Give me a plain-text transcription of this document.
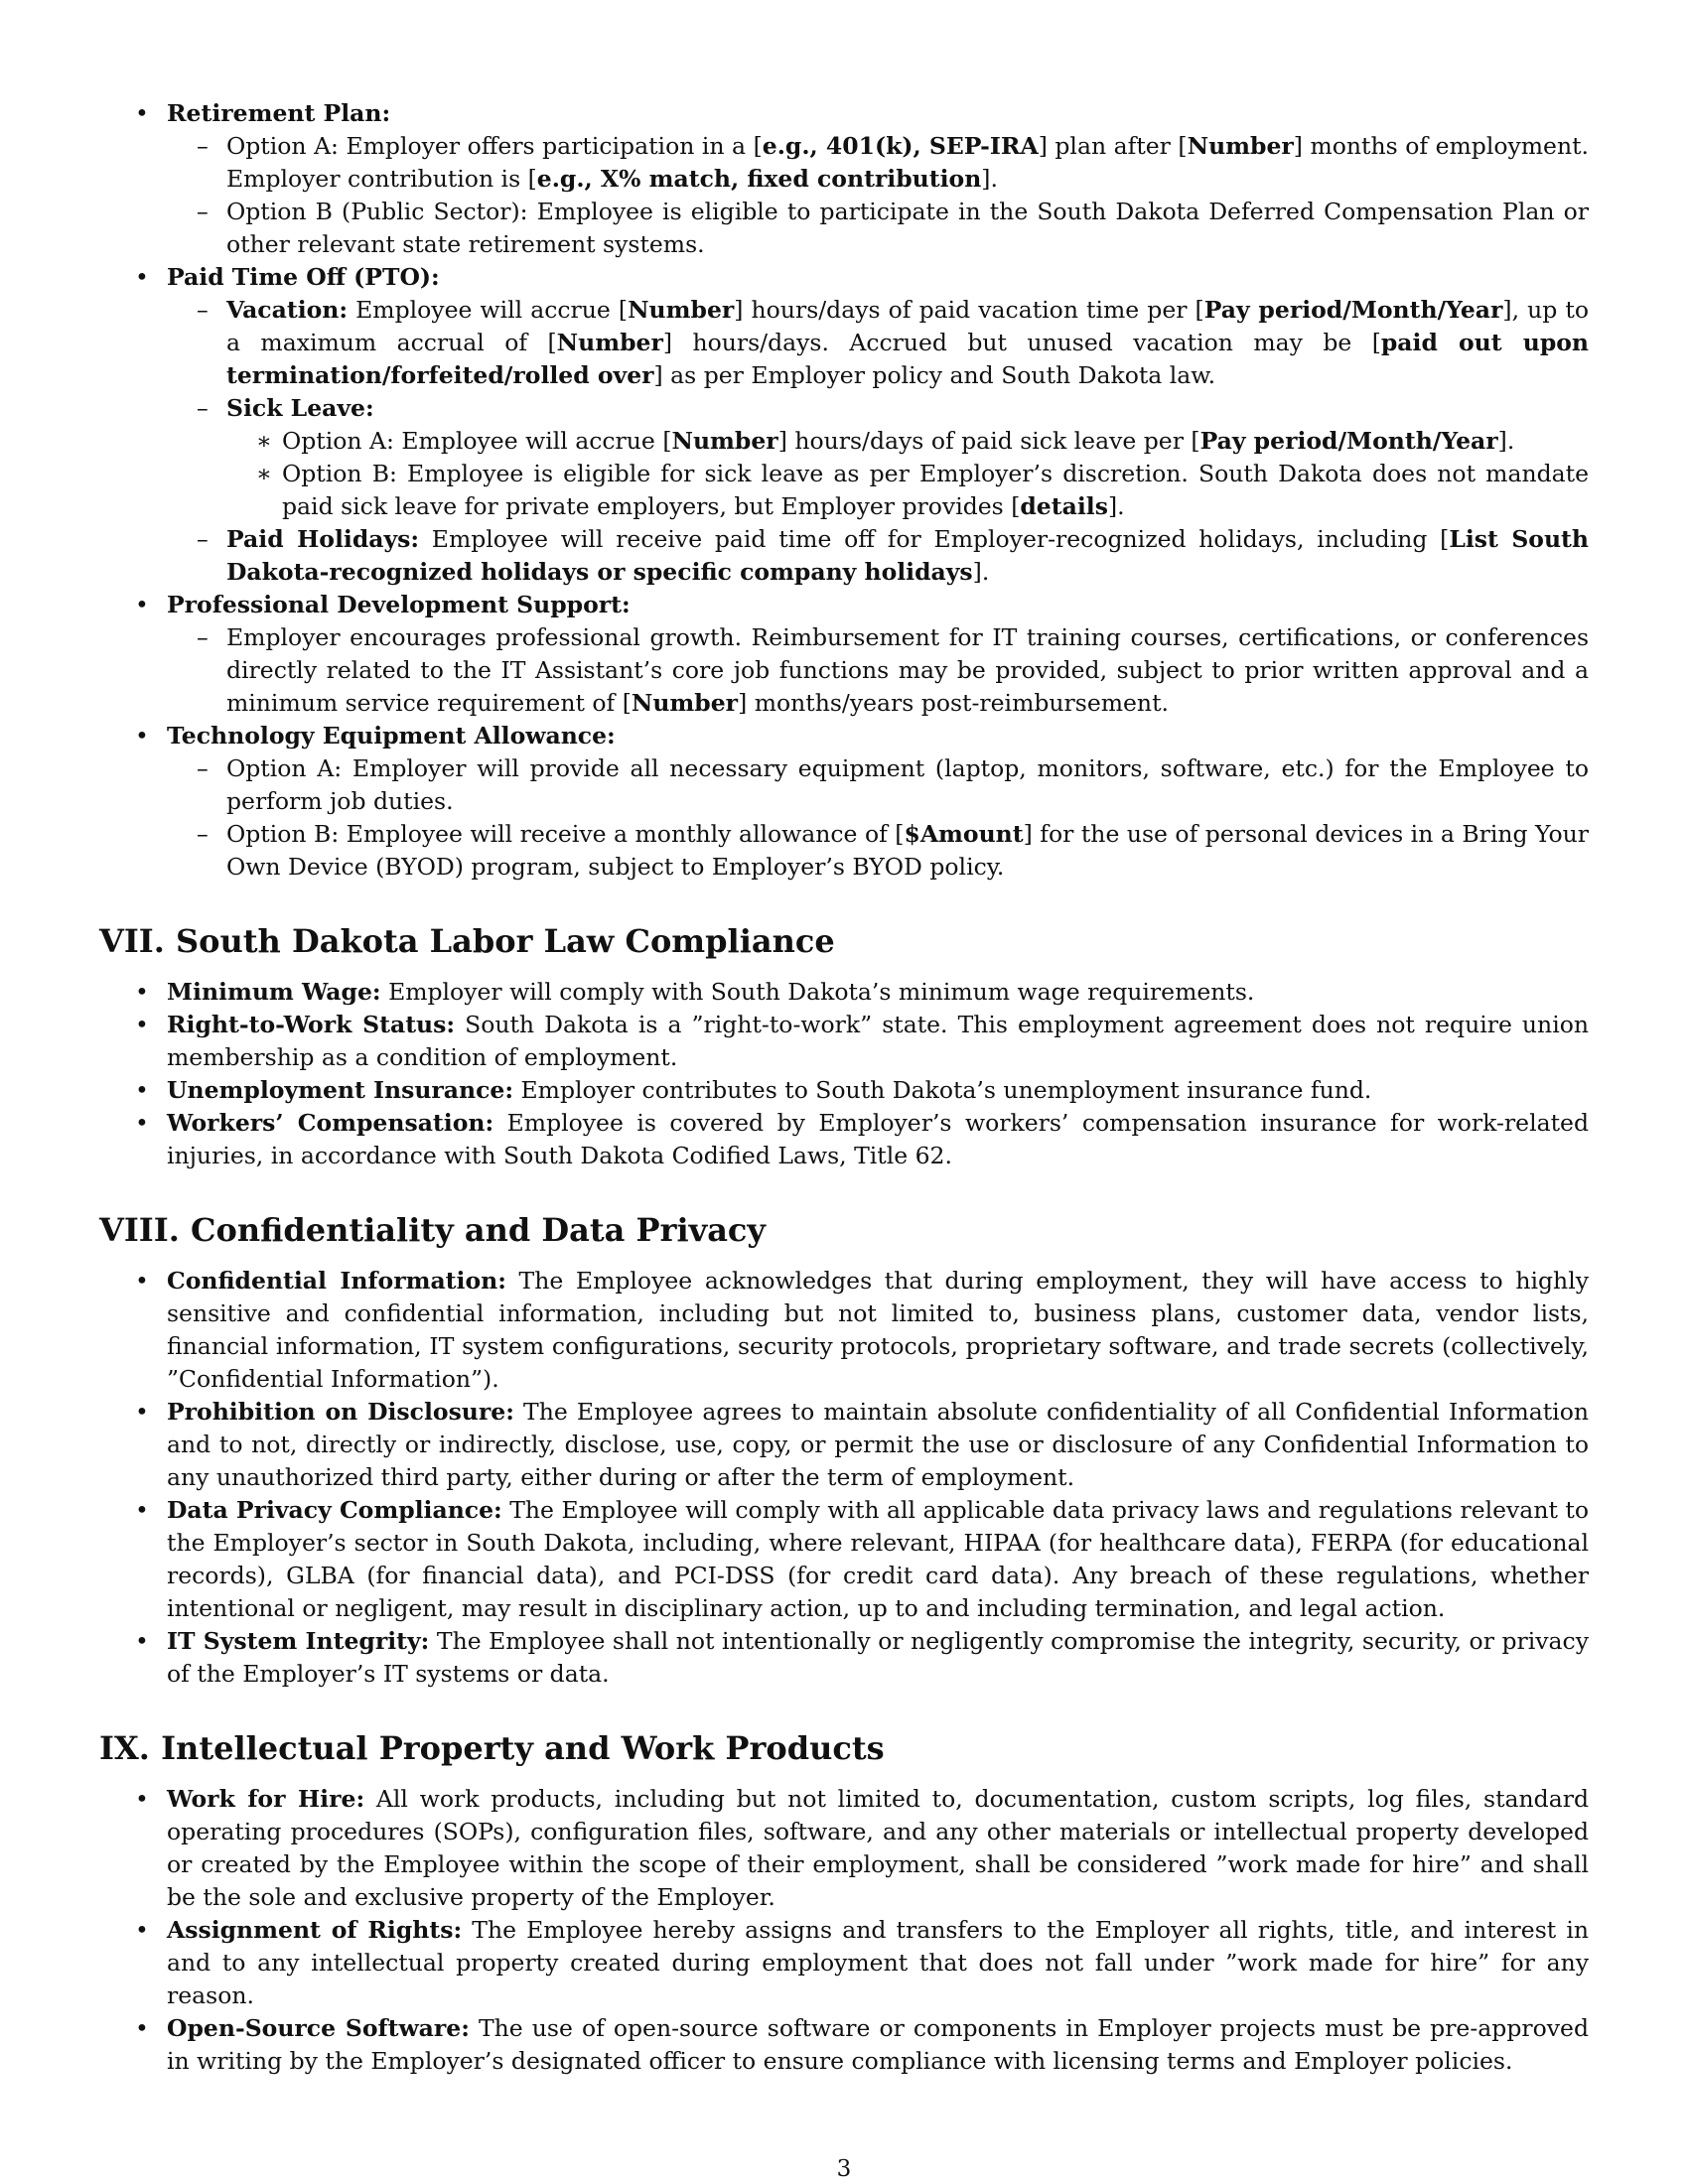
• Retirement Plan:
– Option A: Employer offers participation in a [e.g., 401(k), SEP-IRA] plan after [Number] months of employment. Employer contribution is [e.g., X% match, fixed contribution].
– Option B (Public Sector): Employee is eligible to participate in the South Dakota Deferred Compensation Plan or other relevant state retirement systems.
• Paid Time Off (PTO):
– Vacation: Employee will accrue [Number] hours/days of paid vacation time per [Pay period/Month/Year], up to a maximum accrual of [Number] hours/days. Accrued but unused vacation may be [paid out upon termination/forfeited/rolled over] as per Employer policy and South Dakota law.
– Sick Leave:
∗ Option A: Employee will accrue [Number] hours/days of paid sick leave per [Pay period/Month/Year].
∗ Option B: Employee is eligible for sick leave as per Employer’s discretion. South Dakota does not mandate paid sick leave for private employers, but Employer provides [details].
– Paid Holidays: Employee will receive paid time off for Employer-recognized holidays, including [List South Dakota-recognized holidays or specific company holidays].
• Professional Development Support:
– Employer encourages professional growth. Reimbursement for IT training courses, certifications, or conferences directly related to the IT Assistant’s core job functions may be provided, subject to prior written approval and a minimum service requirement of [Number] months/years post-reimbursement.
• Technology Equipment Allowance:
– Option A: Employer will provide all necessary equipment (laptop, monitors, software, etc.) for the Employee to perform job duties.
– Option B: Employee will receive a monthly allowance of [$Amount] for the use of personal devices in a Bring Your Own Device (BYOD) program, subject to Employer’s BYOD policy.
VII. South Dakota Labor Law Compliance
• Minimum Wage: Employer will comply with South Dakota’s minimum wage requirements.
• Right-to-Work Status: South Dakota is a ”right-to-work” state. This employment agreement does not require union membership as a condition of employment.
• Unemployment Insurance: Employer contributes to South Dakota’s unemployment insurance fund.
• Workers’ Compensation: Employee is covered by Employer’s workers’ compensation insurance for work-related injuries, in accordance with South Dakota Codified Laws, Title 62.
VIII. Confidentiality and Data Privacy
• Confidential Information: The Employee acknowledges that during employment, they will have access to highly sensitive and confidential information, including but not limited to, business plans, customer data, vendor lists, financial information, IT system configurations, security protocols, proprietary software, and trade secrets (collectively, ”Confidential Information”).
• Prohibition on Disclosure: The Employee agrees to maintain absolute confidentiality of all Confidential Information and to not, directly or indirectly, disclose, use, copy, or permit the use or disclosure of any Confidential Information to any unauthorized third party, either during or after the term of employment.
• Data Privacy Compliance: The Employee will comply with all applicable data privacy laws and regulations relevant to the Employer’s sector in South Dakota, including, where relevant, HIPAA (for healthcare data), FERPA (for educational records), GLBA (for financial data), and PCI-DSS (for credit card data). Any breach of these regulations, whether intentional or negligent, may result in disciplinary action, up to and including termination, and legal action.
• IT System Integrity: The Employee shall not intentionally or negligently compromise the integrity, security, or privacy of the Employer’s IT systems or data.
IX. Intellectual Property and Work Products
• Work for Hire: All work products, including but not limited to, documentation, custom scripts, log files, standard operating procedures (SOPs), configuration files, software, and any other materials or intellectual property developed or created by the Employee within the scope of their employment, shall be considered ”work made for hire” and shall be the sole and exclusive property of the Employer.
• Assignment of Rights: The Employee hereby assigns and transfers to the Employer all rights, title, and interest in and to any intellectual property created during employment that does not fall under ”work made for hire” for any reason.
• Open-Source Software: The use of open-source software or components in Employer projects must be pre-approved in writing by the Employer’s designated officer to ensure compliance with licensing terms and Employer policies.
3
